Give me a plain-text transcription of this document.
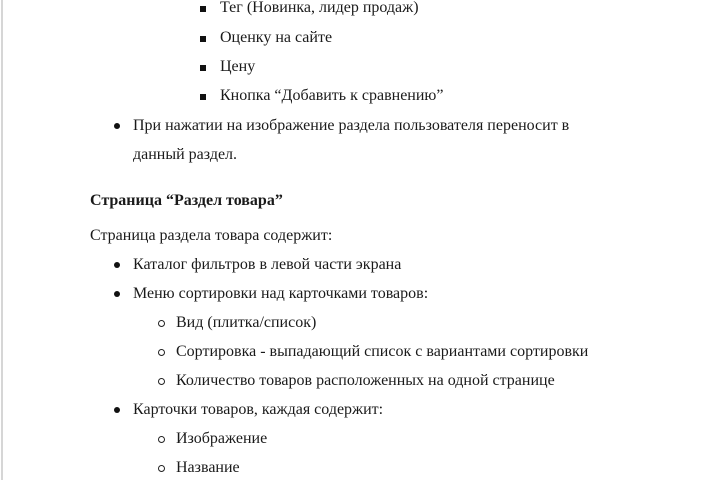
Тег (Новинка, лидер продаж)
Оценку на сайте
Цену
Кнопка “Добавить к сравнению”
При нажатии на изображение раздела пользователя переносит в
данный раздел.
Страница “Раздел товара”
Страница раздела товара содержит:
Каталог фильтров в левой части экрана
Меню сортировки над карточками товаров:
Вид (плитка/список)
Сортировка - выпадающий список с вариантами сортировки
Количество товаров расположенных на одной странице
Карточки товаров, каждая содержит:
Изображение
Название
